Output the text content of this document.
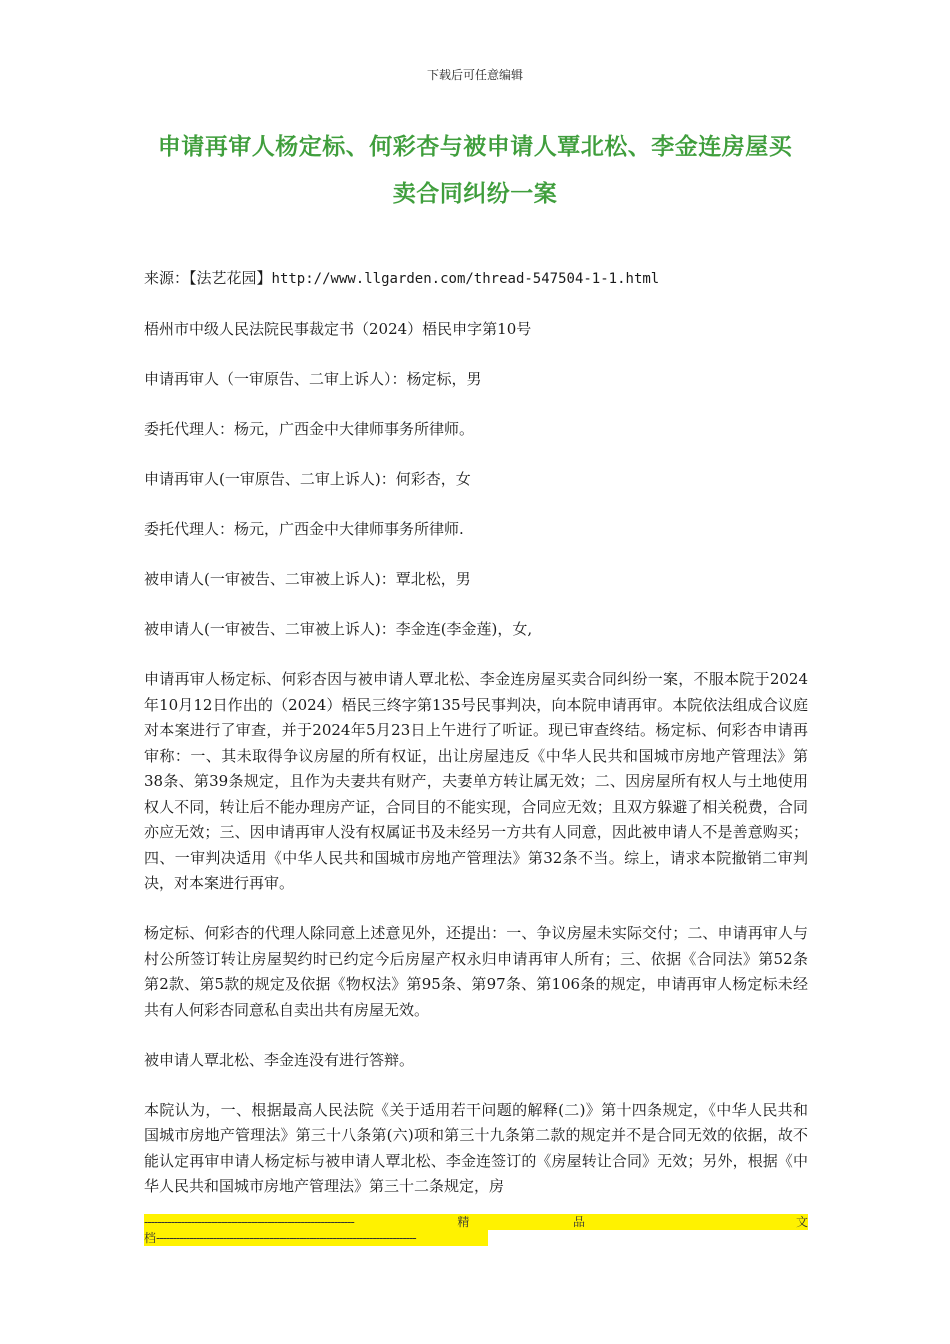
下载后可任意编辑
申请再审人杨定标、何彩杏与被申请人覃北松、李金连房屋买卖合同纠纷一案

来源：【法艺花园】http://www.llgarden.com/thread-547504-1-1.html

梧州市中级人民法院民事裁定书（2024）梧民申字第10号

申请再审人（一审原告、二审上诉人）：杨定标，男

委托代理人：杨元，广西金中大律师事务所律师。

申请再审人(一审原告、二审上诉人)：何彩杏，女

委托代理人：杨元，广西金中大律师事务所律师.

被申请人(一审被告、二审被上诉人)：覃北松，男

被申请人(一审被告、二审被上诉人)：李金连(李金莲)，女,

申请再审人杨定标、何彩杏因与被申请人覃北松、李金连房屋买卖合同纠纷一案，不服本院于2024年10月12日作出的（2024）梧民三终字第135号民事判决，向本院申请再审。本院依法组成合议庭对本案进行了审查，并于2024年5月23日上午进行了听证。现已审查终结。杨定标、何彩杏申请再审称：一、其未取得争议房屋的所有权证，出让房屋违反《中华人民共和国城市房地产管理法》第38条、第39条规定，且作为夫妻共有财产，夫妻单方转让属无效；二、因房屋所有权人与土地使用权人不同，转让后不能办理房产证，合同目的不能实现，合同应无效；且双方躲避了相关税费，合同亦应无效；三、因申请再审人没有权属证书及未经另一方共有人同意，因此被申请人不是善意购买；四、一审判决适用《中华人民共和国城市房地产管理法》第32条不当。综上，请求本院撤销二审判决，对本案进行再审。

杨定标、何彩杏的代理人除同意上述意见外，还提出：一、争议房屋未实际交付；二、申请再审人与村公所签订转让房屋契约时已约定今后房屋产权永归申请再审人所有；三、依据《合同法》第52条第2款、第5款的规定及依据《物权法》第95条、第97条、第106条的规定，申请再审人杨定标未经共有人何彩杏同意私自卖出共有房屋无效。

被申请人覃北松、李金连没有进行答辩。

本院认为，一、根据最高人民法院《关于适用若干问题的解释(二)》第十四条规定，《中华人民共和国城市房地产管理法》第三十八条第(六)项和第三十九条第二款的规定并不是合同无效的依据，故不能认定再审申请人杨定标与被申请人覃北松、李金连签订的《房屋转让合同》无效；另外，根据《中华人民共和国城市房地产管理法》第三十二条规定，房

---------------------------------------------------------------	精	品
	文
档------------------------------------------------------------------------------
